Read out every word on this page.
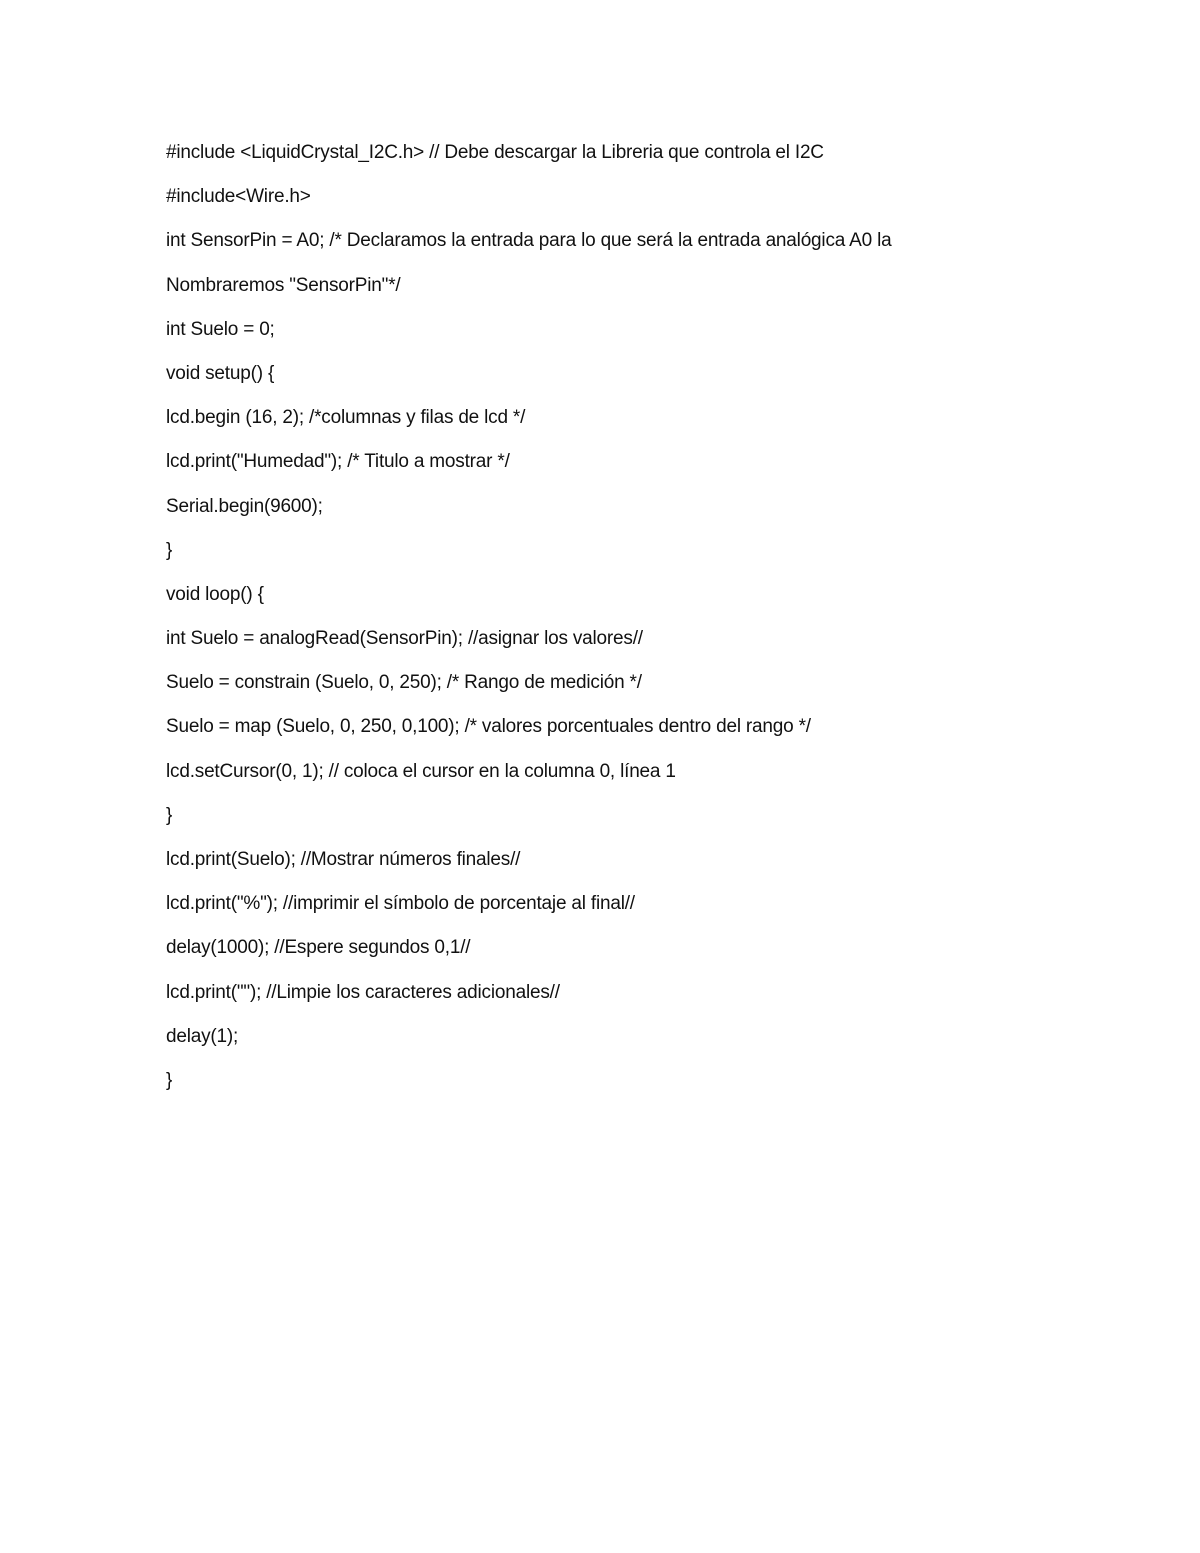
#include <LiquidCrystal_I2C.h> // Debe descargar la Libreria que controla el I2C
#include<Wire.h>
int SensorPin = A0; /* Declaramos la entrada para lo que será la entrada analógica A0 la
Nombraremos "SensorPin"*/
int Suelo = 0;
void setup() {
lcd.begin (16, 2); /*columnas y filas de lcd */
lcd.print("Humedad"); /* Titulo a mostrar */
Serial.begin(9600);
}
void loop() {
int Suelo = analogRead(SensorPin); //asignar los valores//
Suelo = constrain (Suelo, 0, 250); /* Rango de medición */
Suelo = map (Suelo, 0, 250, 0,100); /* valores porcentuales dentro del rango */
lcd.setCursor(0, 1); // coloca el cursor en la columna 0, línea 1
}
lcd.print(Suelo); //Mostrar números finales//
lcd.print("%"); //imprimir el símbolo de porcentaje al final//
delay(1000); //Espere segundos 0,1//
lcd.print(""); //Limpie los caracteres adicionales//
delay(1);
}
